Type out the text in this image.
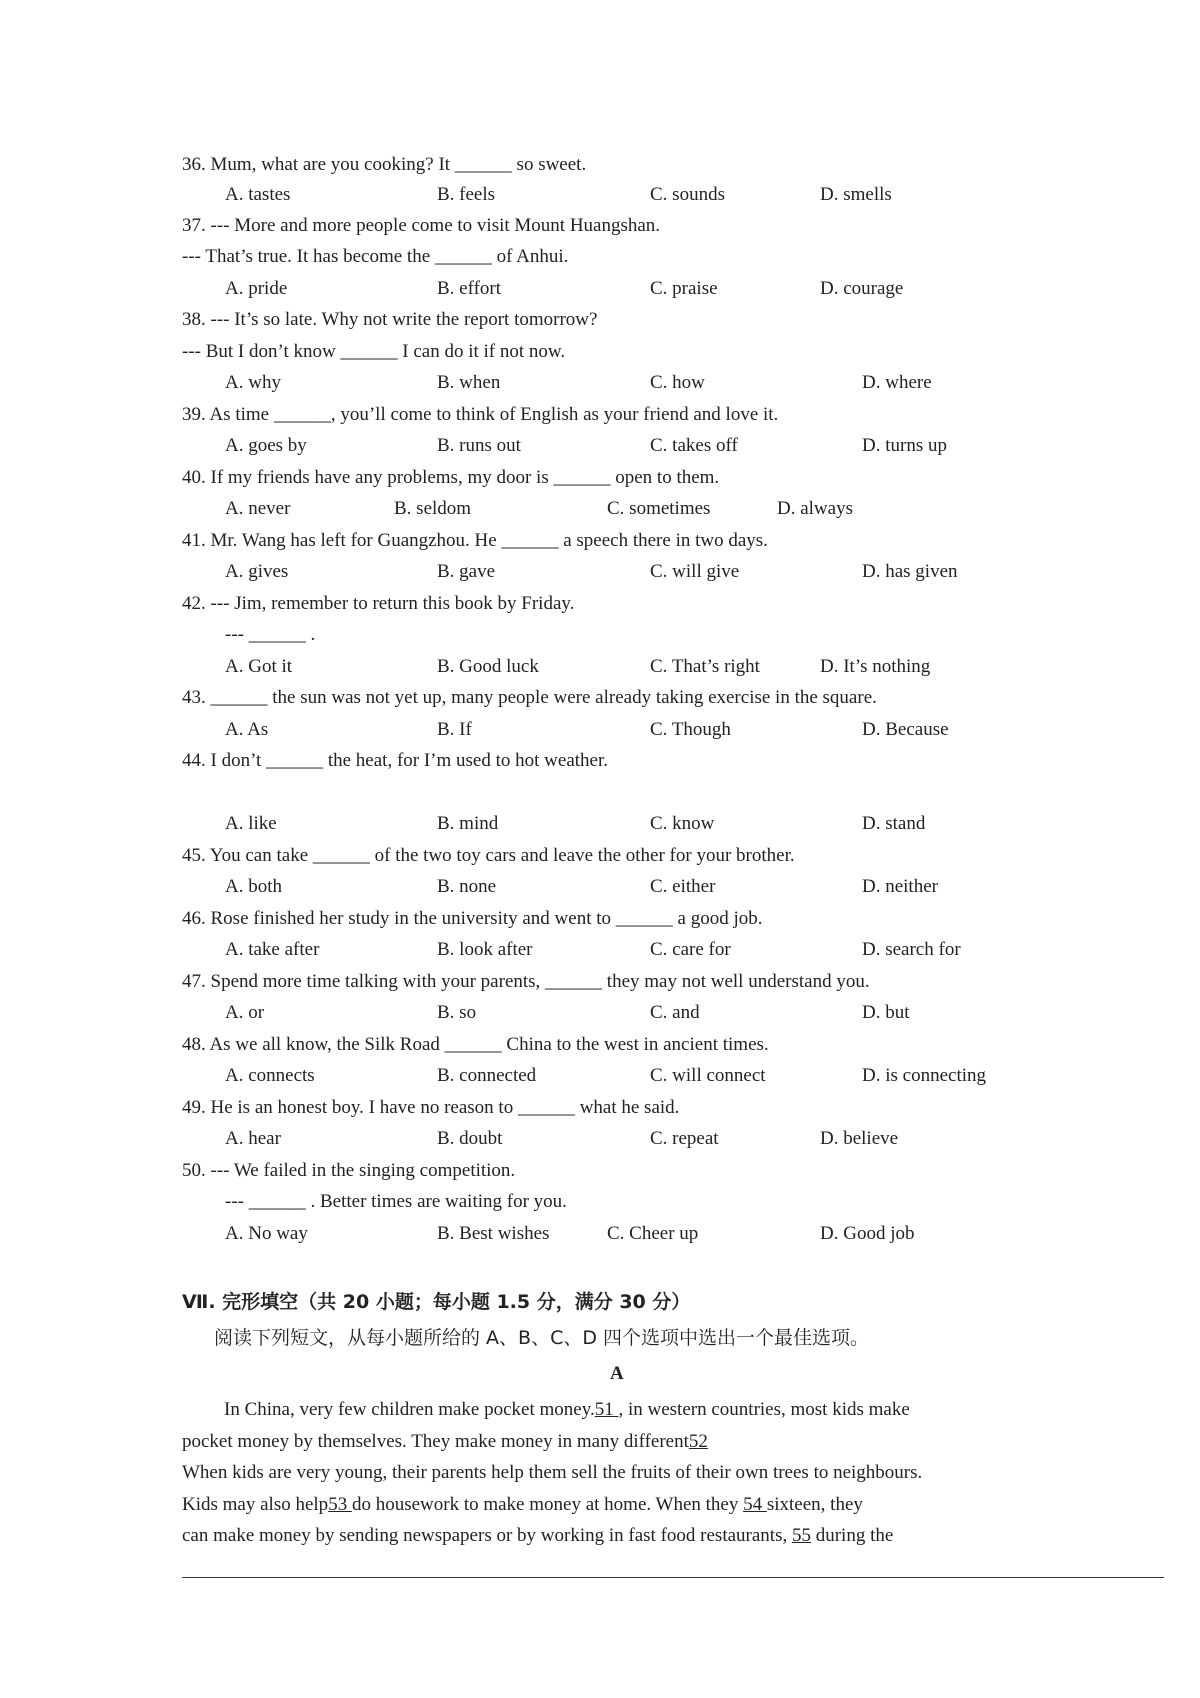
36. Mum, what are you cooking? It ______ so sweet.
A. tastes	B. feels	C. sounds	D. smells
37. --- More and more people come to visit Mount Huangshan.
--- That’s true. It has become the ______ of Anhui.
A. pride	B. effort	C. praise	D. courage
38. --- It’s so late. Why not write the report tomorrow?
--- But I don’t know ______ I can do it if not now.
A. why	B. when	C. how	D. where
39. As time ______, you’ll come to think of English as your friend and love it.
A. goes by	B. runs out	C. takes off	D. turns up
40. If my friends have any problems, my door is ______ open to them.
A. never	B. seldom	C. sometimes	D. always
41. Mr. Wang has left for Guangzhou. He ______ a speech there in two days.
A. gives	B. gave	C. will give	D. has given
42. --- Jim, remember to return this book by Friday.
--- ______ .
A. Got it	B. Good luck	C. That’s right	D. It’s nothing
43. ______ the sun was not yet up, many people were already taking exercise in the square.
A. As	B. If	C. Though	D. Because
44. I don’t ______ the heat, for I’m used to hot weather.
A. like	B. mind	C. know	D. stand
45. You can take ______ of the two toy cars and leave the other for your brother.
A. both	B. none	C. either	D. neither
46. Rose finished her study in the university and went to ______ a good job.
A. take after	B. look after	C. care for	D. search for
47. Spend more time talking with your parents, ______ they may not well understand you.
A. or	B. so	C. and	D. but
48. As we all know, the Silk Road ______ China to the west in ancient times.
A. connects	B. connected	C. will connect	D. is connecting
49. He is an honest boy. I have no reason to ______ what he said.
A. hear	B. doubt	C. repeat	D. believe
50. --- We failed in the singing competition.
--- ______ . Better times are waiting for you.
A. No way	B. Best wishes	C. Cheer up	D. Good job
Ⅶ. 完形填空（共 20 小题；每小题 1.5 分，满分 30 分）
阅读下列短文，从每小题所给的 A、B、C、D 四个选项中选出一个最佳选项。
A
In China, very few children make pocket money.51 , in western countries, most kids make
pocket money by themselves. They make money in many different52
When kids are very young, their parents help them sell the fruits of their own trees to neighbours.
Kids may also help53 do housework to make money at home. When they 54 sixteen, they
can make money by sending newspapers or by working in fast food restaurants, 55 during the
